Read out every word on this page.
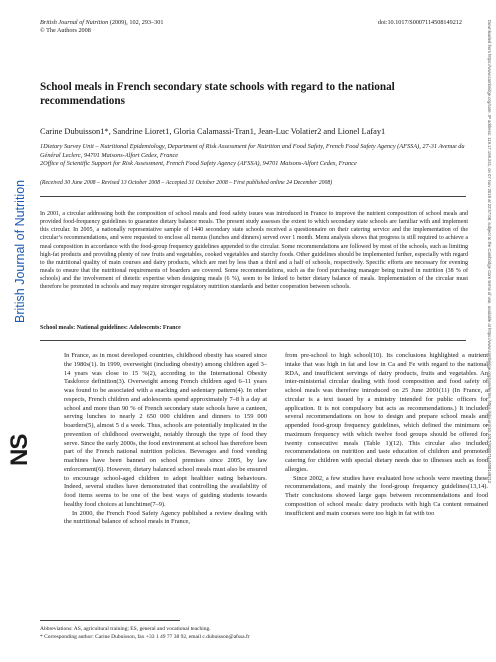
British Journal of Nutrition (2009), 102, 293–301	doi:10.1017/S0007114508149212
© The Authors 2008
School meals in French secondary state schools with regard to the national recommendations
Carine Dubuisson1*, Sandrine Lioret1, Gloria Calamassi-Tran1, Jean-Luc Volatier2 and Lionel Lafay1

1Dietary Survey Unit – Nutritional Epidemiology, Department of Risk Assessment for Nutrition and Food Safety, French Food Safety Agency (AFSSA), 27-31 Avenue du Général Leclerc, 94701 Maisons-Alfort Cedex, France

2Office of Scientific Support for Risk Assessment, French Food Safety Agency (AFSSA), 94701 Maisons-Alfort Cedex, France

(Received 30 June 2008 – Revised 13 October 2008 – Accepted 31 October 2008 – First published online 24 December 2008)
In 2001, a circular addressing both the composition of school meals and food safety issues was introduced in France to improve the nutrient composition of school meals and provided food-frequency guidelines to guarantee dietary balance meals. The present study assesses the extent to which secondary state schools are familiar with and implement this circular. In 2005, a nationally representative sample of 1440 secondary state schools received a questionnaire on their catering service and the implementation of the circular’s recommendations, and were requested to enclose all menus (lunches and dinners) served over 1 month. Menu analysis shows that progress is still required to achieve a meal composition in accordance with the food-group frequency guidelines appended to the circular. Some recommendations are followed by most of the schools, such as limiting high-fat products and providing plenty of raw fruits and vegetables, cooked vegetables and starchy foods. Other guidelines should be implemented further, especially with regard to the nutritional quality of main courses and dairy products, which are met by less than a third and a half of schools, respectively. Specific efforts are necessary for evening meals to ensure that the nutritional requirements of boarders are covered. Some recommendations, such as the food purchasing manager being trained in nutrition (38 % of schools) and the involvement of dietetic expertise when designing meals (6 %), seem to be linked to better dietary balance of meals. Implementation of the circular must therefore be promoted in schools and may require stronger regulatory nutrition standards and better cooperation between schools.
School meals: National guidelines: Adolescents: France

In France, as in most developed countries, childhood obesity has soared since the 1980s(1). In 1999, overweight (including obesity) among children aged 3–14 years was close to 15 %(2), according to the International Obesity Taskforce definition(3). Overweight among French children aged 6–11 years was found to be associated with a snacking and sedentary pattern(4). In other respects, French children and adolescents spend approximately 7–8 h a day at school and more than 90 % of French secondary state schools have a canteen, serving lunches to nearly 2 650 000 children and dinners to 159 000 boarders(5), almost 5 d a week. Thus, schools are potentially implicated in the prevention of childhood overweight, notably through the type of food they serve. Since the early 2000s, the food environment at school has therefore been part of the French national nutrition policies. Beverages and food vending machines have been banned on school premises since 2005, by law enforcement(6). However, dietary balanced school meals must also be ensured to encourage school-aged children to adopt healthier eating behaviours. Indeed, several studies have demonstrated that controlling the availability of food items seems to be one of the best ways of guiding students towards healthy food choices at lunchtime(7–9).

In 2000, the French Food Safety Agency published a review dealing with the nutritional balance of school meals in France,

from pre-school to high school(10). Its conclusions highlighted a nutrient intake that was high in fat and low in Ca and Fe with regard to the national RDA, and insufficient servings of dairy products, fruits and vegetables. An inter-ministerial circular dealing with food composition and food safety of school meals was therefore introduced on 25 June 2001(11) (In France, a circular is a text issued by a ministry intended for public officers for application. It is not compulsory but acts as recommendations.) It included several recommendations on how to design and prepare school meals and appended food-group frequency guidelines, which defined the minimum or maximum frequency with which twelve food groups should be offered for twenty consecutive meals (Table 1)(12). This circular also included recommendations on nutrition and taste education of children and promoted catering for children with special dietary needs due to illnesses such as food allergies.

Since 2002, a few studies have evaluated how schools were meeting these recommendations, and mainly the food-group frequency guidelines(13,14). Their conclusions showed large gaps between recommendations and food composition of school meals: dairy products with high Ca content remained insufficient and main courses were too high in fat with too

Abbreviations: AS, agricultural training; ES, general and vocational teaching.
* Corresponding author: Carine Dubuisson, fax +33 1 49 77 38 92, email c.dubuisson@afssa.fr
British Journal of Nutrition
NS	Downloaded from https://www.cambridge.org/core. IP address: 119.17.169.241, on 07 Nov 2019 at 22:57:08, subject to the Cambridge Core terms of use, available at https://www.cambridge.org/core/terms. https://doi.org/10.1017/S0007114508149212
